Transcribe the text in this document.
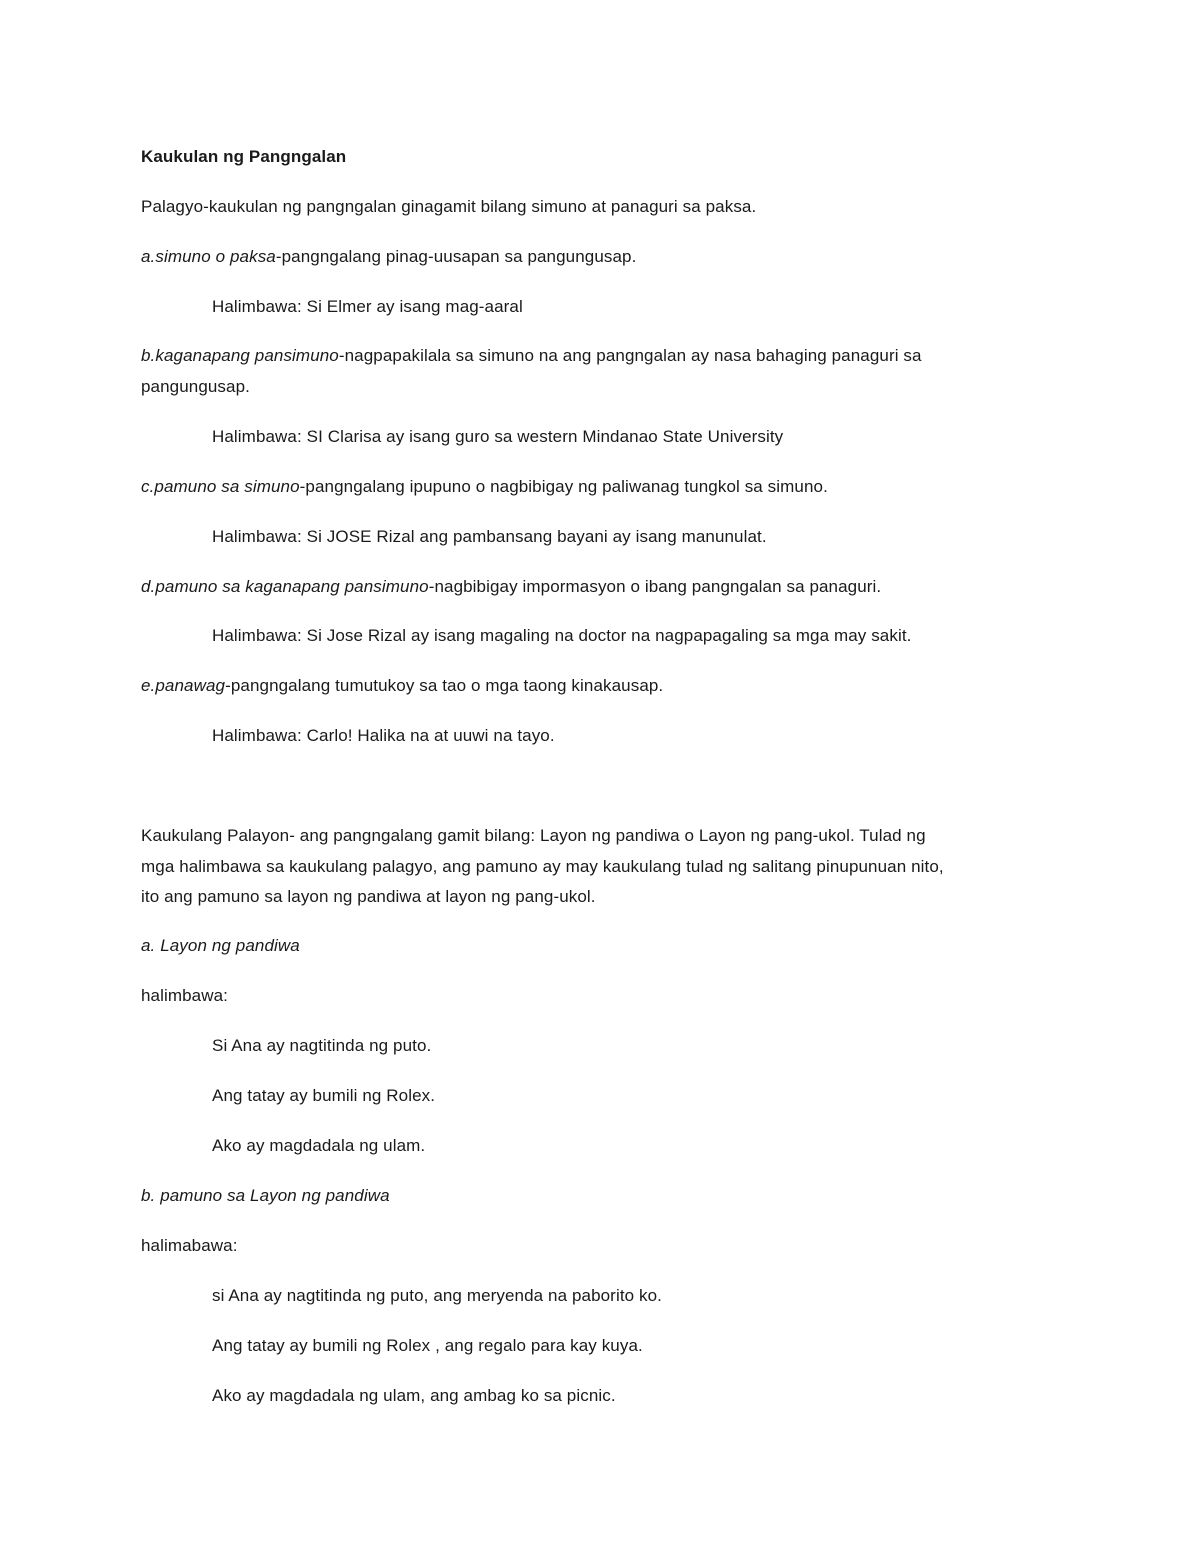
Kaukulan ng Pangngalan
Palagyo-kaukulan ng pangngalan ginagamit bilang simuno at panaguri sa paksa.
a.simuno o paksa-pangngalang pinag-uusapan sa pangungusap.
Halimbawa: Si Elmer ay isang mag-aaral
b.kaganapang pansimuno-nagpapakilala sa simuno na ang pangngalan ay nasa bahaging panaguri sa
pangungusap.
Halimbawa: SI Clarisa ay isang guro sa western Mindanao State University
c.pamuno sa simuno-pangngalang ipupuno o nagbibigay ng paliwanag tungkol sa simuno.
Halimbawa: Si JOSE Rizal ang pambansang bayani ay isang manunulat.
d.pamuno sa kaganapang pansimuno-nagbibigay impormasyon o ibang pangngalan sa panaguri.
Halimbawa: Si Jose Rizal ay isang magaling na doctor na nagpapagaling sa mga may sakit.
e.panawag-pangngalang tumutukoy sa tao o mga taong kinakausap.
Halimbawa: Carlo! Halika na at uuwi na tayo.
Kaukulang Palayon- ang pangngalang gamit bilang: Layon ng pandiwa o Layon ng pang-ukol. Tulad ng
mga halimbawa sa kaukulang palagyo, ang pamuno ay may kaukulang tulad ng salitang pinupunuan nito,
ito ang pamuno sa layon ng pandiwa at layon ng pang-ukol.
a. Layon ng pandiwa
halimbawa:
Si Ana ay nagtitinda ng puto.
Ang tatay ay bumili ng Rolex.
Ako ay magdadala ng ulam.
b. pamuno sa Layon ng pandiwa
halimabawa:
si Ana ay nagtitinda ng puto, ang meryenda na paborito ko.
Ang tatay ay bumili ng Rolex , ang regalo para kay kuya.
Ako ay magdadala ng ulam, ang ambag ko sa picnic.
